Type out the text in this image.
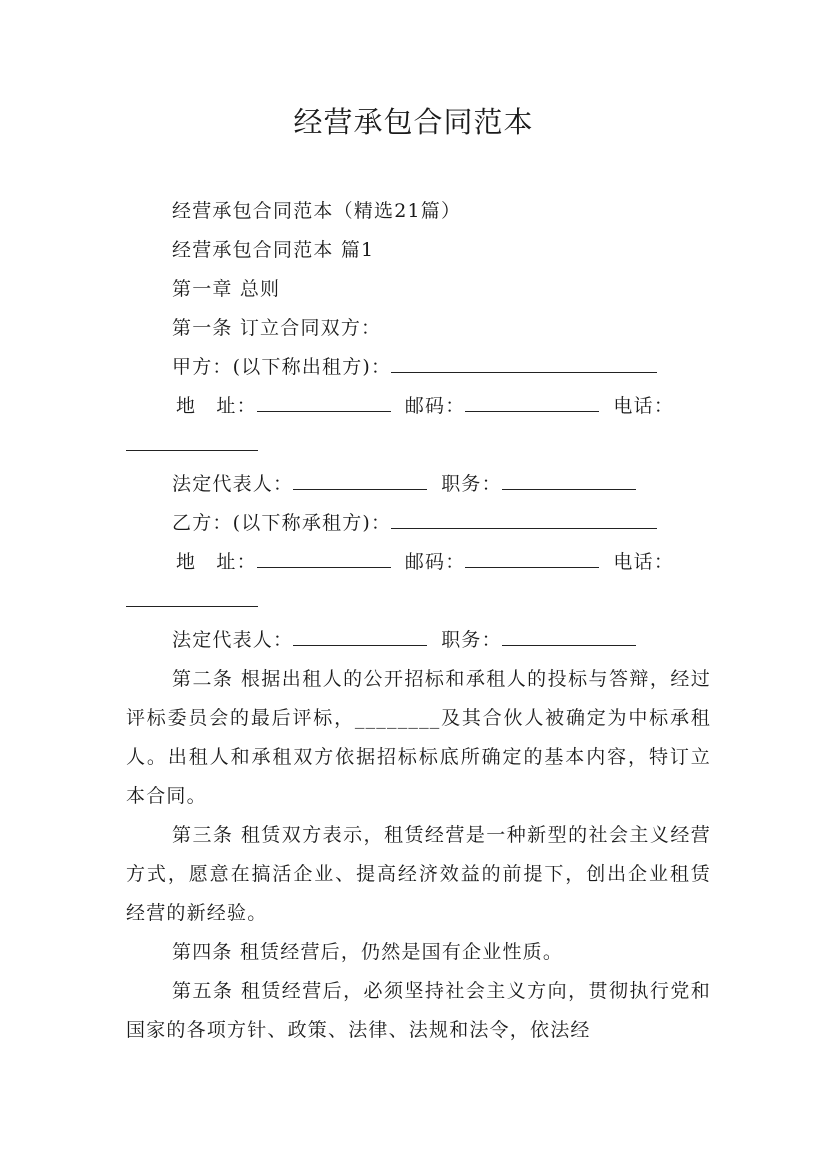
经营承包合同范本
经营承包合同范本（精选21篇）
经营承包合同范本 篇1
第一章 总则
第一条 订立合同双方：
甲方：(以下称出租方)：
地　址：	邮码：	电话：
法定代表人：	职务：
乙方：(以下称承租方)：
地　址：	邮码：	电话：
法定代表人：	职务：
第二条 根据出租人的公开招标和承租人的投标与答辩，经过评标委员会的最后评标，________及其合伙人被确定为中标承租人。出租人和承租双方依据招标标底所确定的基本内容，特订立本合同。
第三条 租赁双方表示，租赁经营是一种新型的社会主义经营方式，愿意在搞活企业、提高经济效益的前提下，创出企业租赁经营的新经验。
第四条 租赁经营后，仍然是国有企业性质。
第五条 租赁经营后，必须坚持社会主义方向，贯彻执行党和国家的各项方针、政策、法律、法规和法令，依法经
